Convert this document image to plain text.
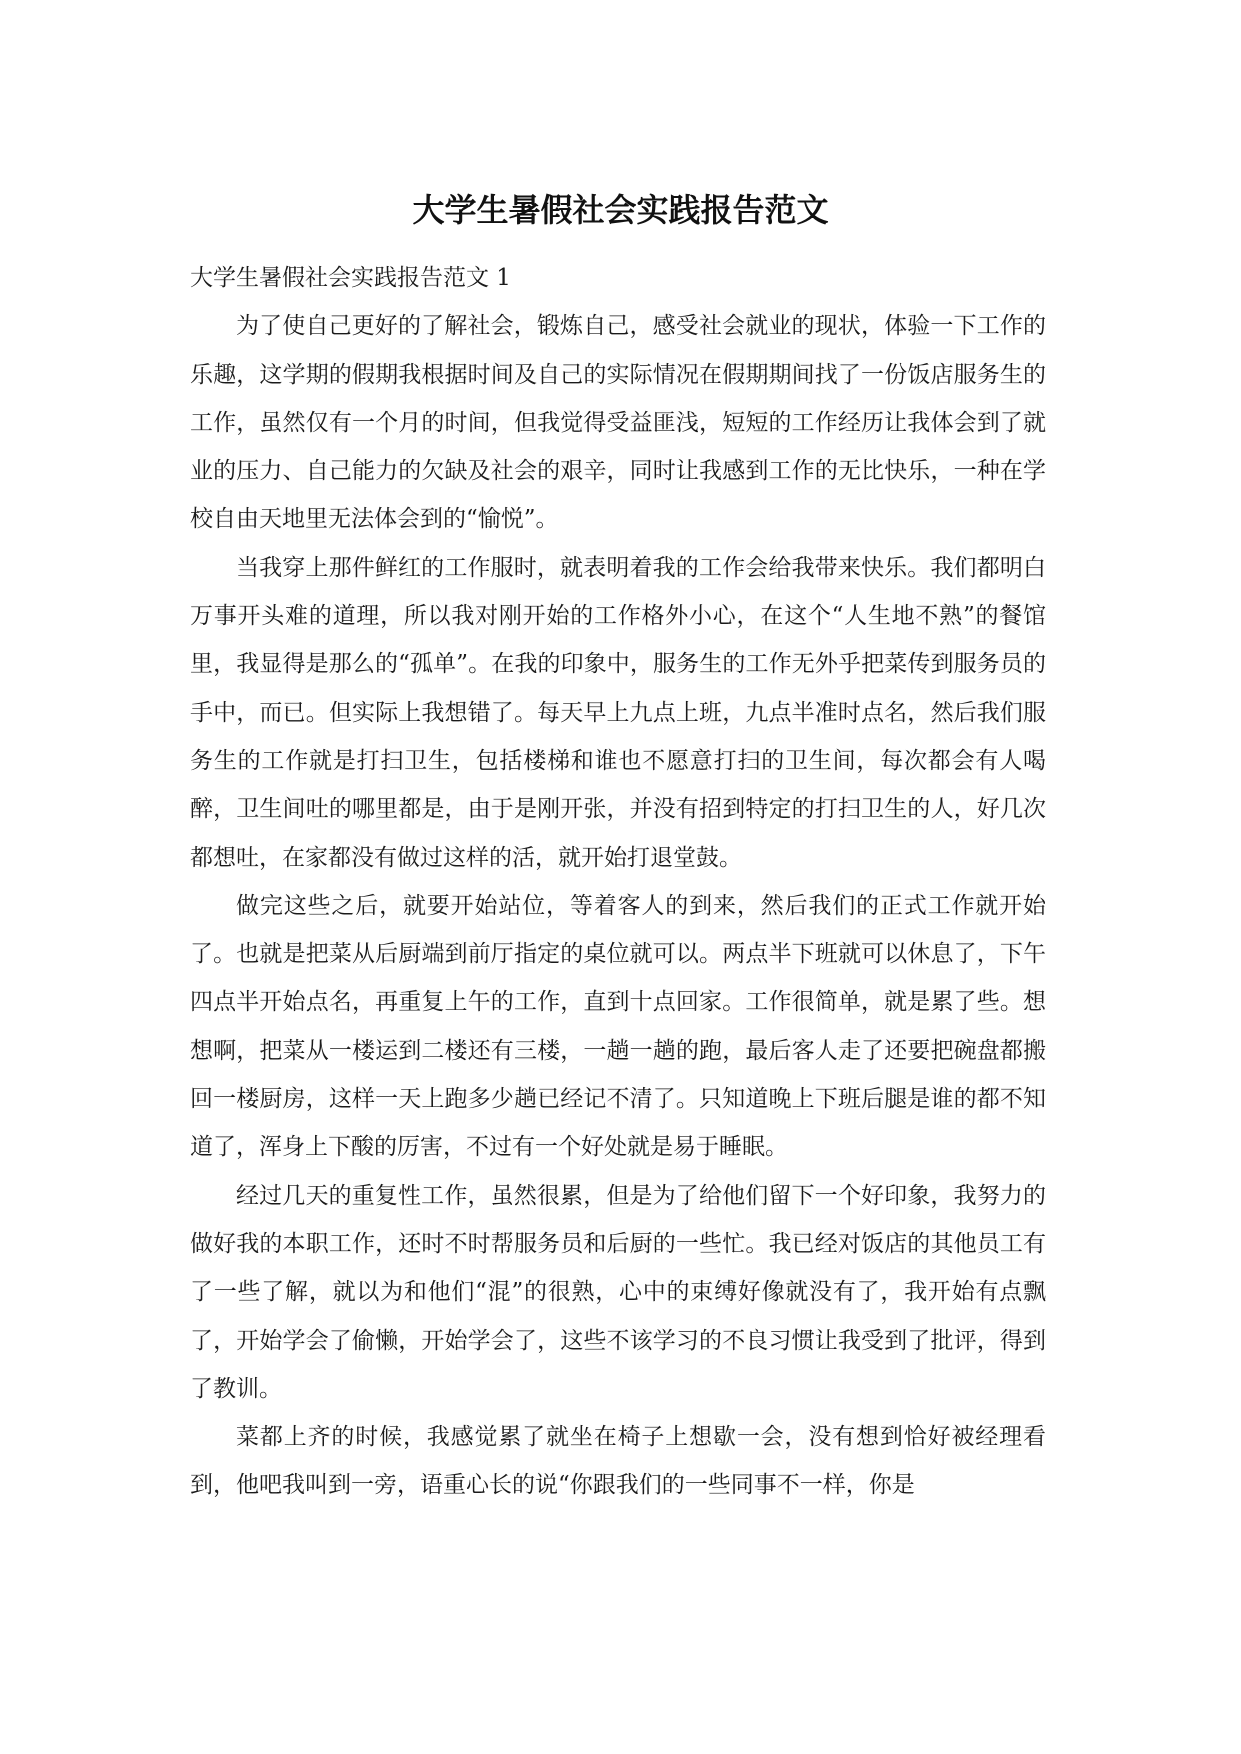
大学生暑假社会实践报告范文

大学生暑假社会实践报告范文 1

为了使自己更好的了解社会，锻炼自己，感受社会就业的现状，体验一下工作的乐趣，这学期的假期我根据时间及自己的实际情况在假期期间找了一份饭店服务生的工作，虽然仅有一个月的时间，但我觉得受益匪浅，短短的工作经历让我体会到了就业的压力、自己能力的欠缺及社会的艰辛，同时让我感到工作的无比快乐，一种在学校自由天地里无法体会到的“愉悦”。

当我穿上那件鲜红的工作服时，就表明着我的工作会给我带来快乐。我们都明白万事开头难的道理，所以我对刚开始的工作格外小心，在这个“人生地不熟”的餐馆里，我显得是那么的“孤单”。在我的印象中，服务生的工作无外乎把菜传到服务员的手中，而已。但实际上我想错了。每天早上九点上班，九点半准时点名，然后我们服务生的工作就是打扫卫生，包括楼梯和谁也不愿意打扫的卫生间，每次都会有人喝醉，卫生间吐的哪里都是，由于是刚开张，并没有招到特定的打扫卫生的人，好几次都想吐，在家都没有做过这样的活，就开始打退堂鼓。

做完这些之后，就要开始站位，等着客人的到来，然后我们的正式工作就开始了。也就是把菜从后厨端到前厅指定的桌位就可以。两点半下班就可以休息了，下午四点半开始点名，再重复上午的工作，直到十点回家。工作很简单，就是累了些。想想啊，把菜从一楼运到二楼还有三楼，一趟一趟的跑，最后客人走了还要把碗盘都搬回一楼厨房，这样一天上跑多少趟已经记不清了。只知道晚上下班后腿是谁的都不知道了，浑身上下酸的厉害，不过有一个好处就是易于睡眠。

经过几天的重复性工作，虽然很累，但是为了给他们留下一个好印象，我努力的做好我的本职工作，还时不时帮服务员和后厨的一些忙。我已经对饭店的其他员工有了一些了解，就以为和他们“混”的很熟，心中的束缚好像就没有了，我开始有点飘了，开始学会了偷懒，开始学会了，这些不该学习的不良习惯让我受到了批评，得到了教训。

菜都上齐的时候，我感觉累了就坐在椅子上想歇一会，没有想到恰好被经理看到，他吧我叫到一旁，语重心长的说“你跟我们的一些同事不一样，你是
